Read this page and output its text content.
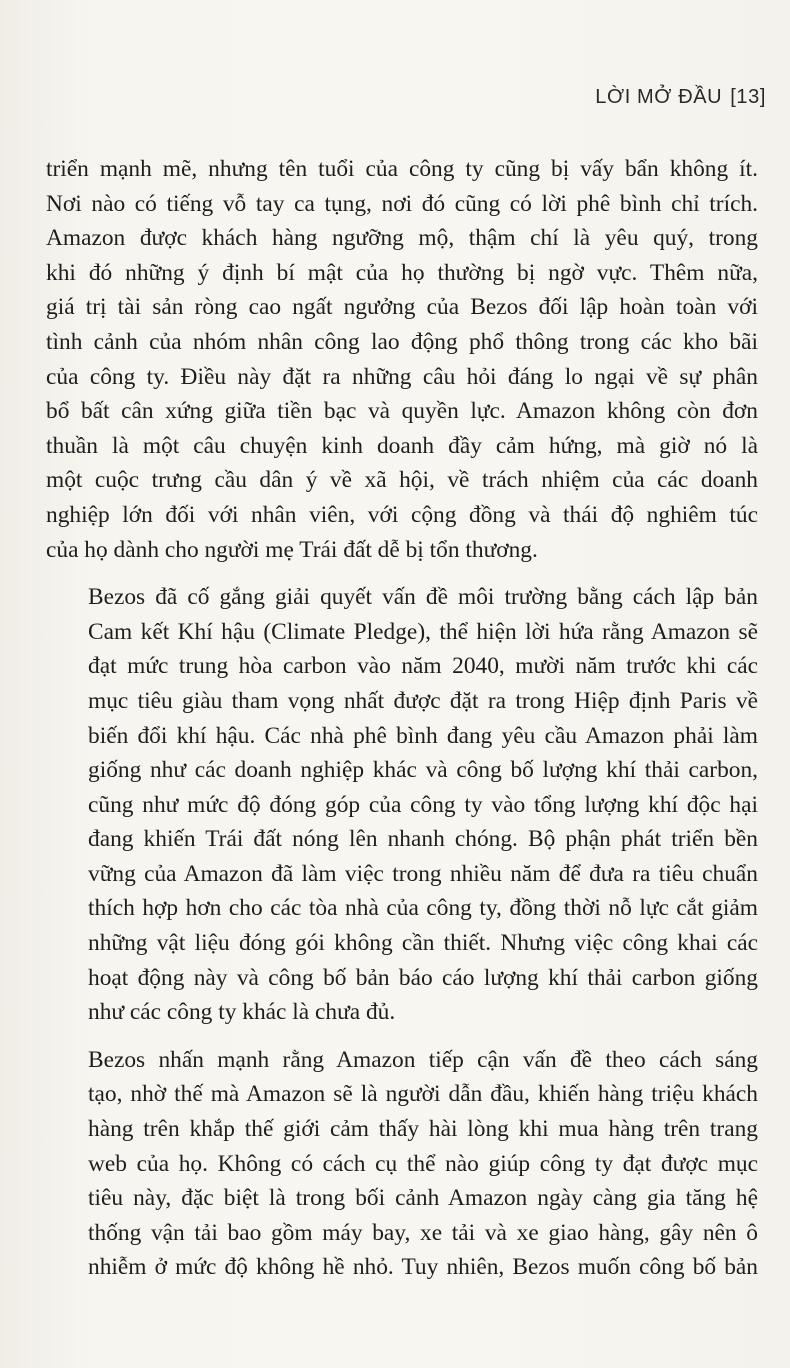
LỜI MỞ ĐẦU [13]

triển mạnh mẽ, nhưng tên tuổi của công ty cũng bị vấy bẩn không ít.
Nơi nào có tiếng vỗ tay ca tụng, nơi đó cũng có lời phê bình chỉ trích.
Amazon được khách hàng ngưỡng mộ, thậm chí là yêu quý, trong
khi đó những ý định bí mật của họ thường bị ngờ vực. Thêm nữa,
giá trị tài sản ròng cao ngất ngưởng của Bezos đối lập hoàn toàn với
tình cảnh của nhóm nhân công lao động phổ thông trong các kho bãi
của công ty. Điều này đặt ra những câu hỏi đáng lo ngại về sự phân
bổ bất cân xứng giữa tiền bạc và quyền lực. Amazon không còn đơn
thuần là một câu chuyện kinh doanh đầy cảm hứng, mà giờ nó là
một cuộc trưng cầu dân ý về xã hội, về trách nhiệm của các doanh
nghiệp lớn đối với nhân viên, với cộng đồng và thái độ nghiêm túc
của họ dành cho người mẹ Trái đất dễ bị tổn thương.

Bezos đã cố gắng giải quyết vấn đề môi trường bằng cách lập bản
Cam kết Khí hậu (Climate Pledge), thể hiện lời hứa rằng Amazon sẽ
đạt mức trung hòa carbon vào năm 2040, mười năm trước khi các
mục tiêu giàu tham vọng nhất được đặt ra trong Hiệp định Paris về
biến đổi khí hậu. Các nhà phê bình đang yêu cầu Amazon phải làm
giống như các doanh nghiệp khác và công bố lượng khí thải carbon,
cũng như mức độ đóng góp của công ty vào tổng lượng khí độc hại
đang khiến Trái đất nóng lên nhanh chóng. Bộ phận phát triển bền
vững của Amazon đã làm việc trong nhiều năm để đưa ra tiêu chuẩn
thích hợp hơn cho các tòa nhà của công ty, đồng thời nỗ lực cắt giảm
những vật liệu đóng gói không cần thiết. Nhưng việc công khai các
hoạt động này và công bố bản báo cáo lượng khí thải carbon giống
như các công ty khác là chưa đủ.

Bezos nhấn mạnh rằng Amazon tiếp cận vấn đề theo cách sáng
tạo, nhờ thế mà Amazon sẽ là người dẫn đầu, khiến hàng triệu khách
hàng trên khắp thế giới cảm thấy hài lòng khi mua hàng trên trang
web của họ. Không có cách cụ thể nào giúp công ty đạt được mục
tiêu này, đặc biệt là trong bối cảnh Amazon ngày càng gia tăng hệ
thống vận tải bao gồm máy bay, xe tải và xe giao hàng, gây nên ô
nhiễm ở mức độ không hề nhỏ. Tuy nhiên, Bezos muốn công bố bản
